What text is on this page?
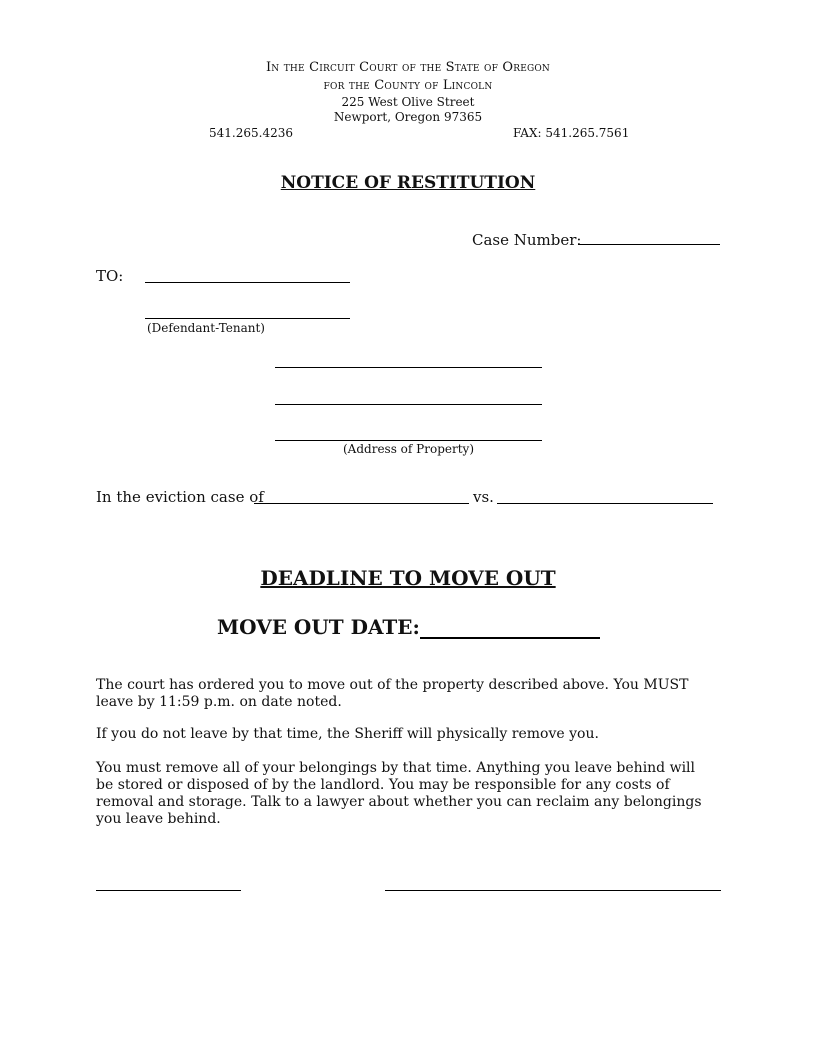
In the Circuit Court of the State of Oregon
for the County of Lincoln
225 West Olive Street
Newport, Oregon 97365
541.265.4236	FAX: 541.265.7561
NOTICE OF RESTITUTION
Case Number:
TO:
(Defendant-Tenant)
(Address of Property)
In the eviction case of	vs.
DEADLINE TO MOVE OUT
MOVE OUT DATE:
The court has ordered you to move out of the property described above. You MUST leave by 11:59 p.m. on date noted.
If you do not leave by that time, the Sheriff will physically remove you.
You must remove all of your belongings by that time. Anything you leave behind will be stored or disposed of by the landlord. You may be responsible for any costs of removal and storage. Talk to a lawyer about whether you can reclaim any belongings you leave behind.
